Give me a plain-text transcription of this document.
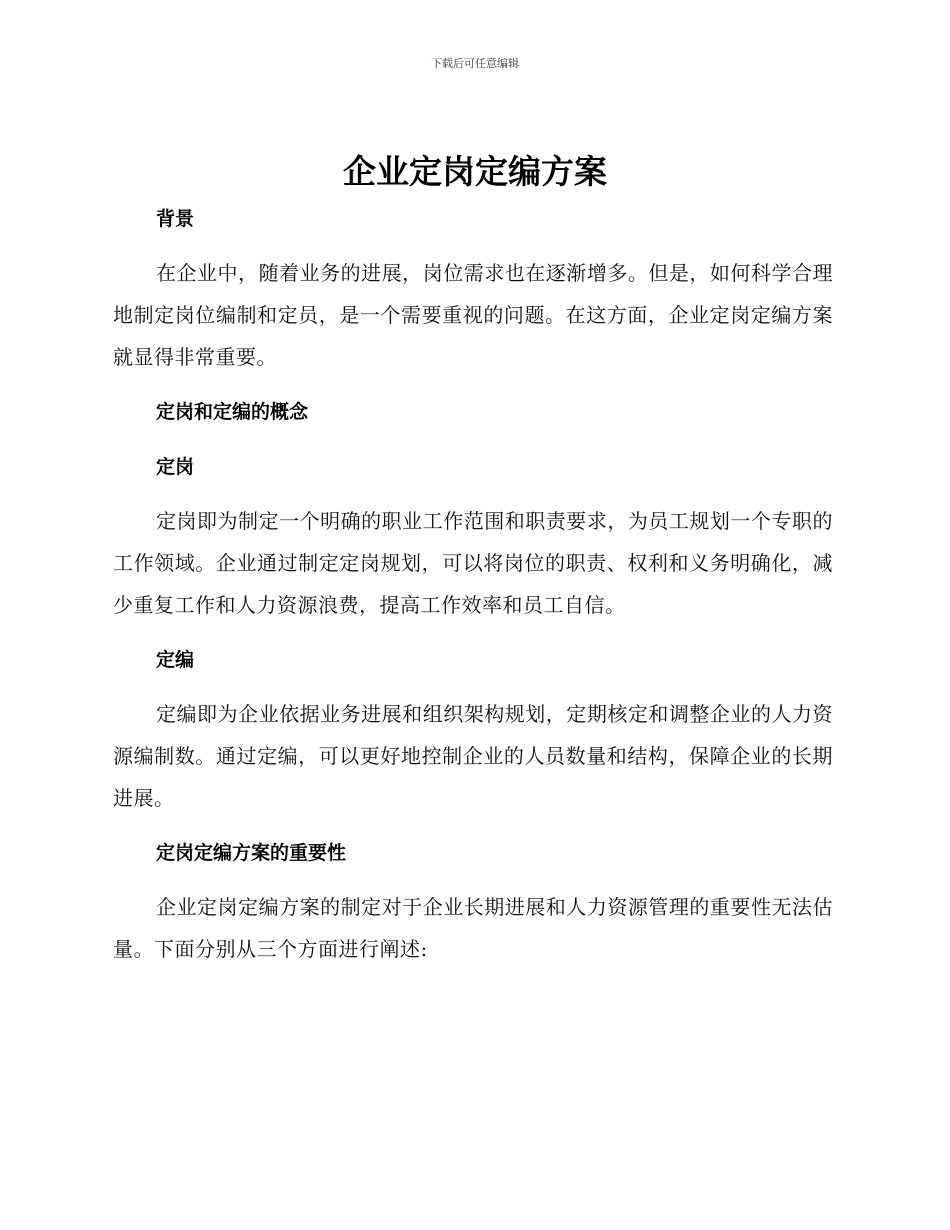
下载后可任意编辑
企业定岗定编方案
背景

在企业中，随着业务的进展，岗位需求也在逐渐增多。但是，如何科学合理地制定岗位编制和定员，是一个需要重视的问题。在这方面，企业定岗定编方案就显得非常重要。

定岗和定编的概念
定岗

定岗即为制定一个明确的职业工作范围和职责要求，为员工规划一个专职的工作领域。企业通过制定定岗规划，可以将岗位的职责、权利和义务明确化，减少重复工作和人力资源浪费，提高工作效率和员工自信。

定编

定编即为企业依据业务进展和组织架构规划，定期核定和调整企业的人力资源编制数。通过定编，可以更好地控制企业的人员数量和结构，保障企业的长期进展。

定岗定编方案的重要性

企业定岗定编方案的制定对于企业长期进展和人力资源管理的重要性无法估量。下面分别从三个方面进行阐述:
